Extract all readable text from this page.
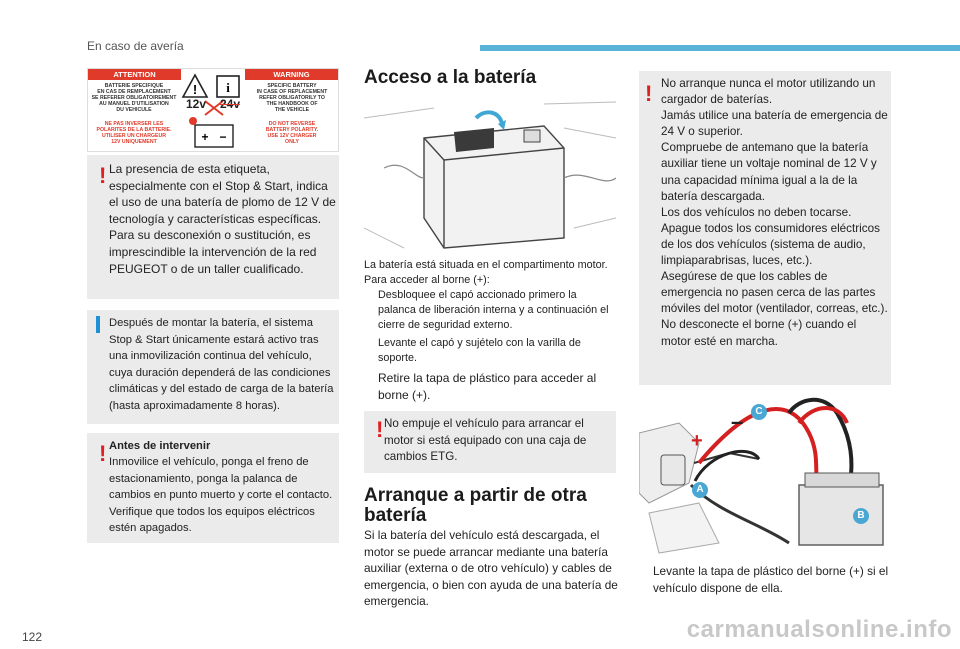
En caso de avería
ATTENTION	WARNING
BATTERIE SPECIFIQUE
EN CAS DE REMPLACEMENT
SE REFERER OBLIGATOIREMENT
AU MANUEL D'UTILISATION
DU VEHICULE
SPECIFIC BATTERY
IN CASE OF REPLACEMENT
REFER OBLIGATORILY TO
THE HANDBOOK OF
THE VEHICLE
NE PAS INVERSER LES
POLARITES DE LA BATTERIE.
UTILISER UN CHARGEUR
12V UNIQUEMENT
DO NOT REVERSE
BATTERY POLARITY.
USE 12V CHARGER
ONLY
! i
+ −
12v 24v
! La presencia de esta etiqueta, especialmente con el Stop & Start, indica el uso de una batería de plomo de 12 V de tecnología y características específicas. Para su desconexión o sustitución, es imprescindible la intervención de la red PEUGEOT o de un taller cualificado.

Después de montar la batería, el sistema Stop & Start únicamente estará activo tras una inmovilización continua del vehículo, cuya duración dependerá de las condiciones climáticas y del estado de carga de la batería (hasta aproximadamente 8 horas).

! Antes de intervenir

Inmovilice el vehículo, ponga el freno de estacionamiento, ponga la palanca de cambios en punto muerto y corte el contacto. Verifique que todos los equipos eléctricos estén apagados.

Acceso a la batería

La batería está situada en el compartimento motor. Para acceder al borne (+):

Desbloquee el capó accionado primero la palanca de liberación interna y a continuación el cierre de seguridad externo.
Levante el capó y sujételo con la varilla de soporte.
Retire la tapa de plástico para acceder al borne (+).
! No empuje el vehículo para arrancar el motor si está equipado con una caja de cambios ETG.

Arranque a partir de otra batería

Si la batería del vehículo está descargada, el motor se puede arrancar mediante una batería auxiliar (externa o de otro vehículo) y cables de emergencia, o bien con ayuda de una batería de emergencia.

! No arranque nunca el motor utilizando un cargador de baterías.
Jamás utilice una batería de emergencia de 24 V o superior.
Compruebe de antemano que la batería auxiliar tiene un voltaje nominal de 12 V y una capacidad mínima igual a la de la batería descargada.
Los dos vehículos no deben tocarse.
Apague todos los consumidores eléctricos de los dos vehículos (sistema de audio, limpiaparabrisas, luces, etc.).
Asegúrese de que los cables de emergencia no pasen cerca de las partes móviles del motor (ventilador, correas, etc.).
No desconecte el borne (+) cuando el motor esté en marcha.

+
–	C
A
B
Levante la tapa de plástico del borne (+) si el vehículo dispone de ella.
122	carmanualsonline.info
